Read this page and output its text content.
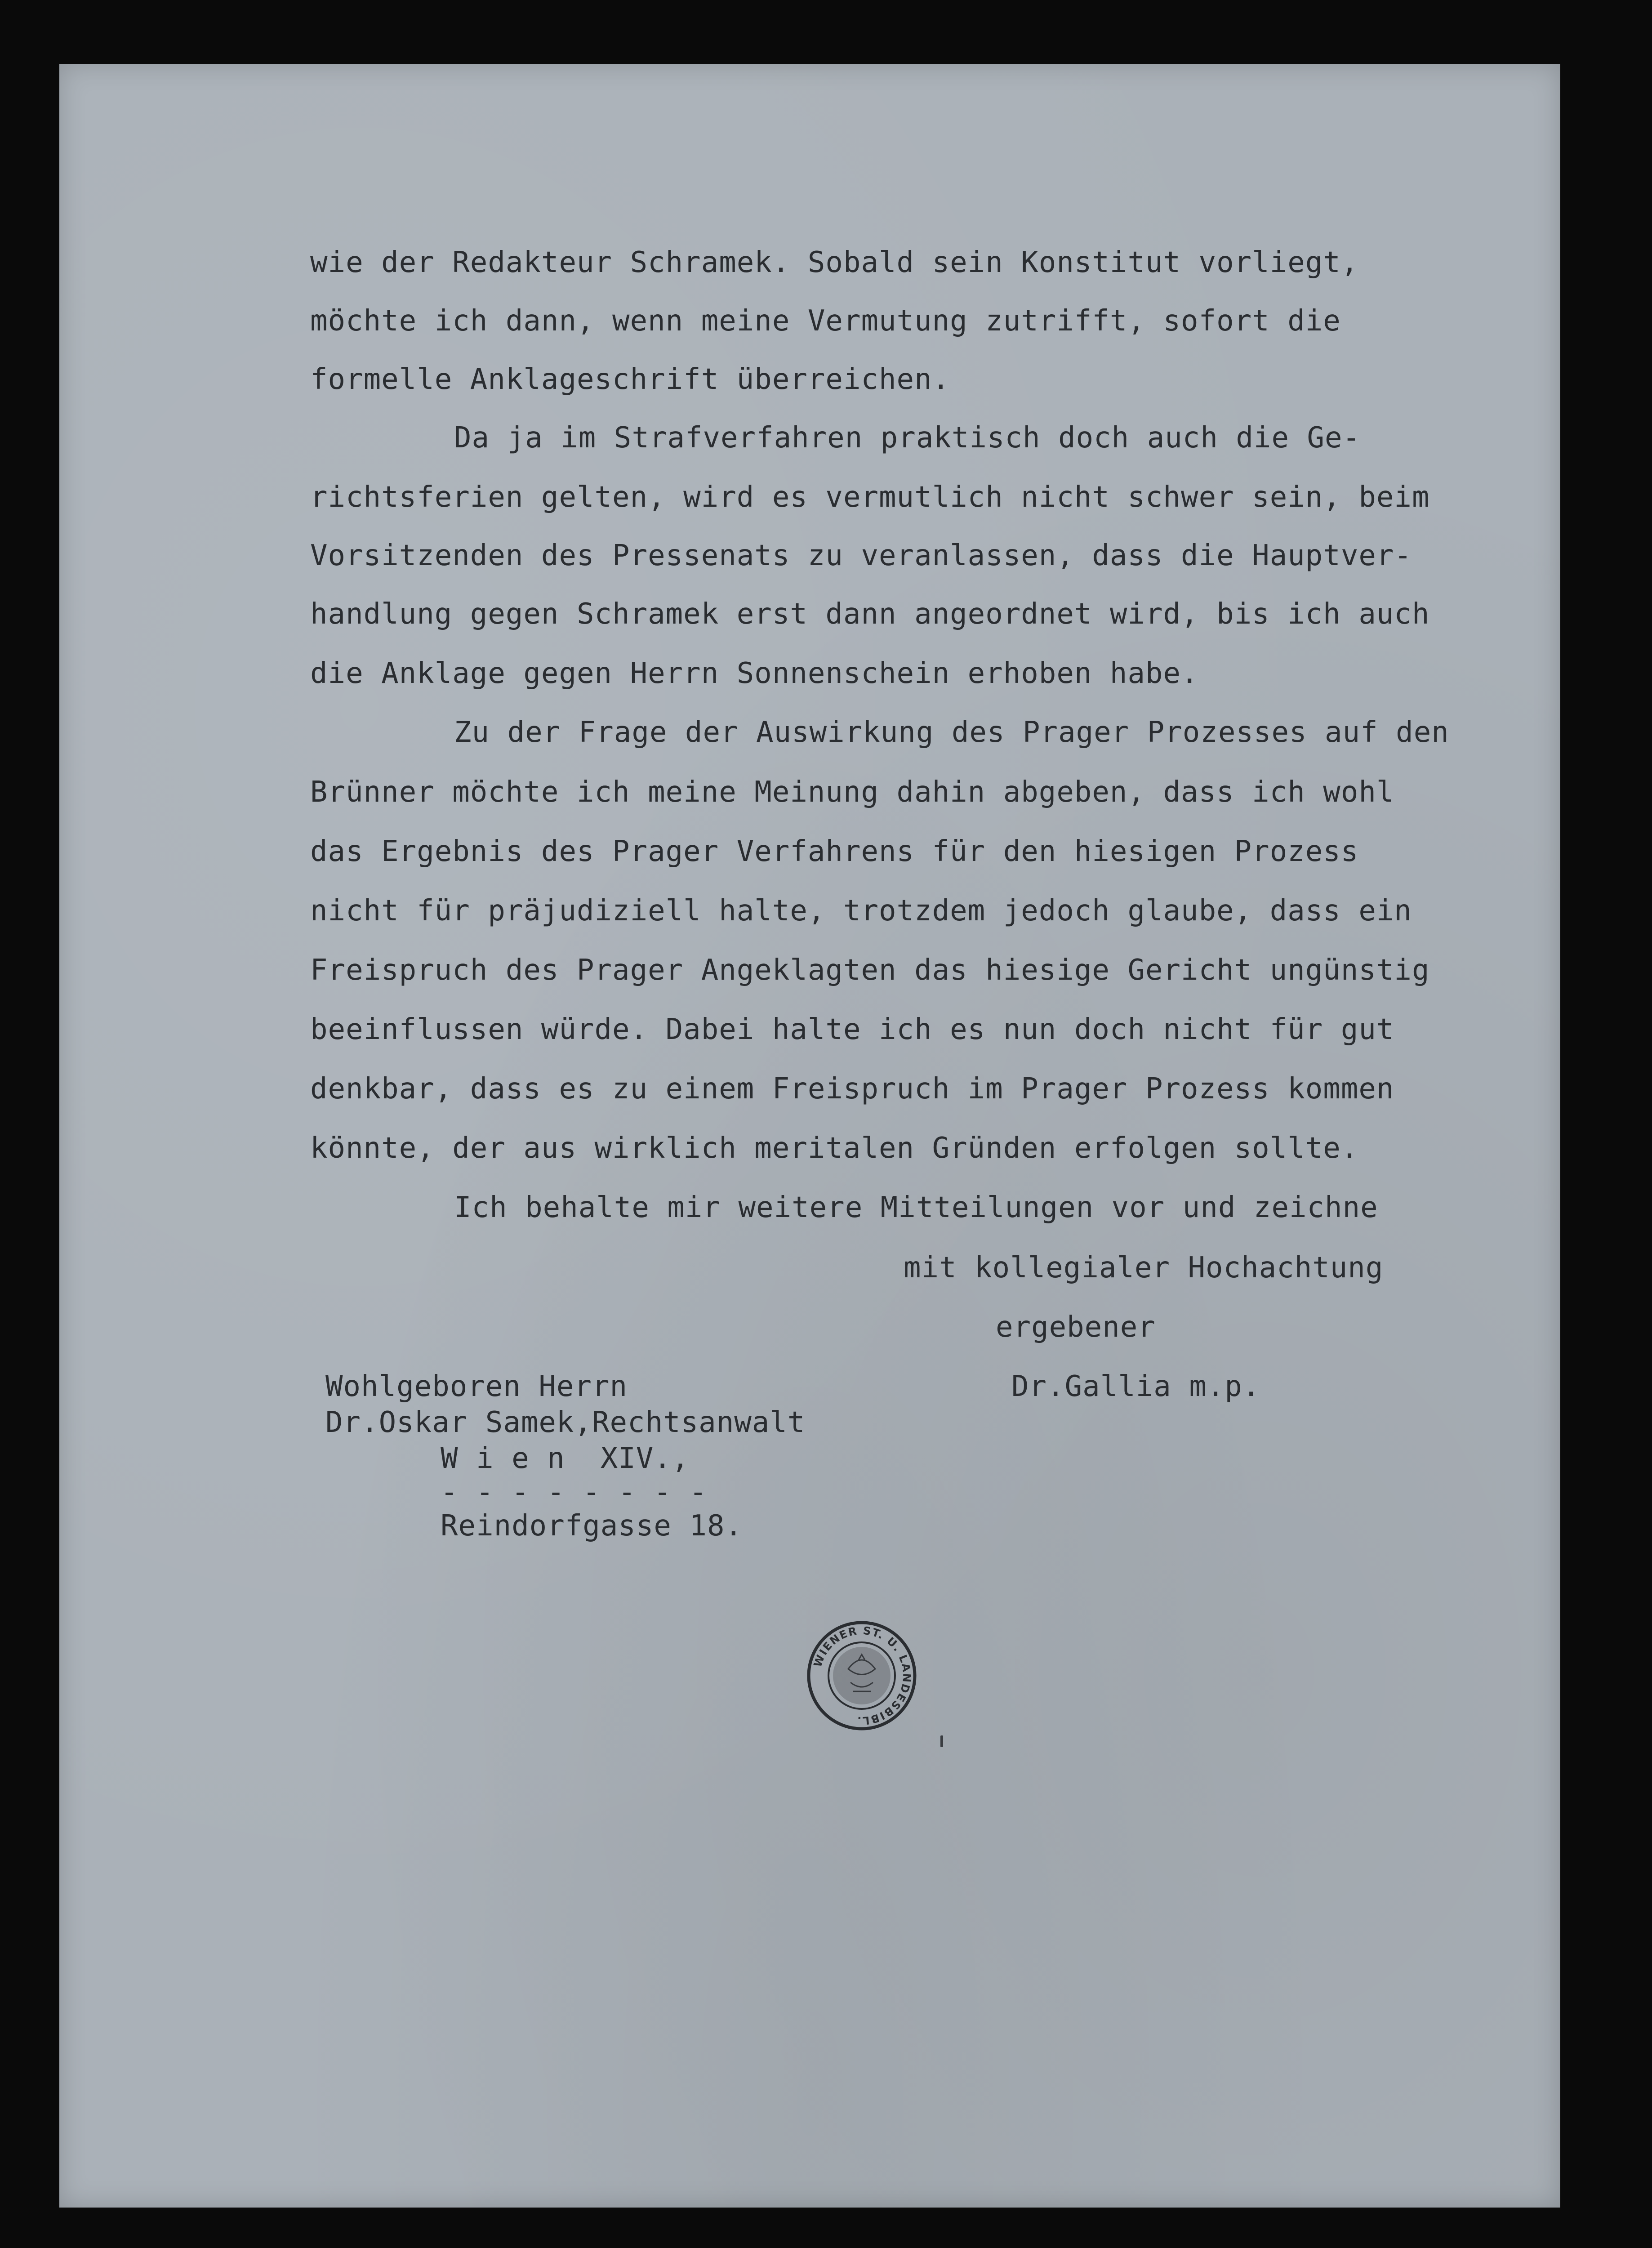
wie der Redakteur Schramek. Sobald sein Konstitut vorliegt,
möchte ich dann, wenn meine Vermutung zutrifft, sofort die
formelle Anklageschrift überreichen.
Da ja im Strafverfahren praktisch doch auch die Ge-
richtsferien gelten, wird es vermutlich nicht schwer sein, beim
Vorsitzenden des Pressenats zu veranlassen, dass die Hauptver-
handlung gegen Schramek erst dann angeordnet wird, bis ich auch
die Anklage gegen Herrn Sonnenschein erhoben habe.
Zu der Frage der Auswirkung des Prager Prozesses auf den
Brünner möchte ich meine Meinung dahin abgeben, dass ich wohl
das Ergebnis des Prager Verfahrens für den hiesigen Prozess
nicht für präjudiziell halte, trotzdem jedoch glaube, dass ein
Freispruch des Prager Angeklagten das hiesige Gericht ungünstig
beeinflussen würde. Dabei halte ich es nun doch nicht für gut
denkbar, dass es zu einem Freispruch im Prager Prozess kommen
könnte, der aus wirklich meritalen Gründen erfolgen sollte.
Ich behalte mir weitere Mitteilungen vor und zeichne
mit kollegialer Hochachtung
ergebener
Dr.Gallia m.p.
Wohlgeboren Herrn
Dr.Oskar Samek,Rechtsanwalt
W i e n  XIV.,
- - - - - - - -
Reindorfgasse 18.
WIENER ST. U. LANDESBIBL.
